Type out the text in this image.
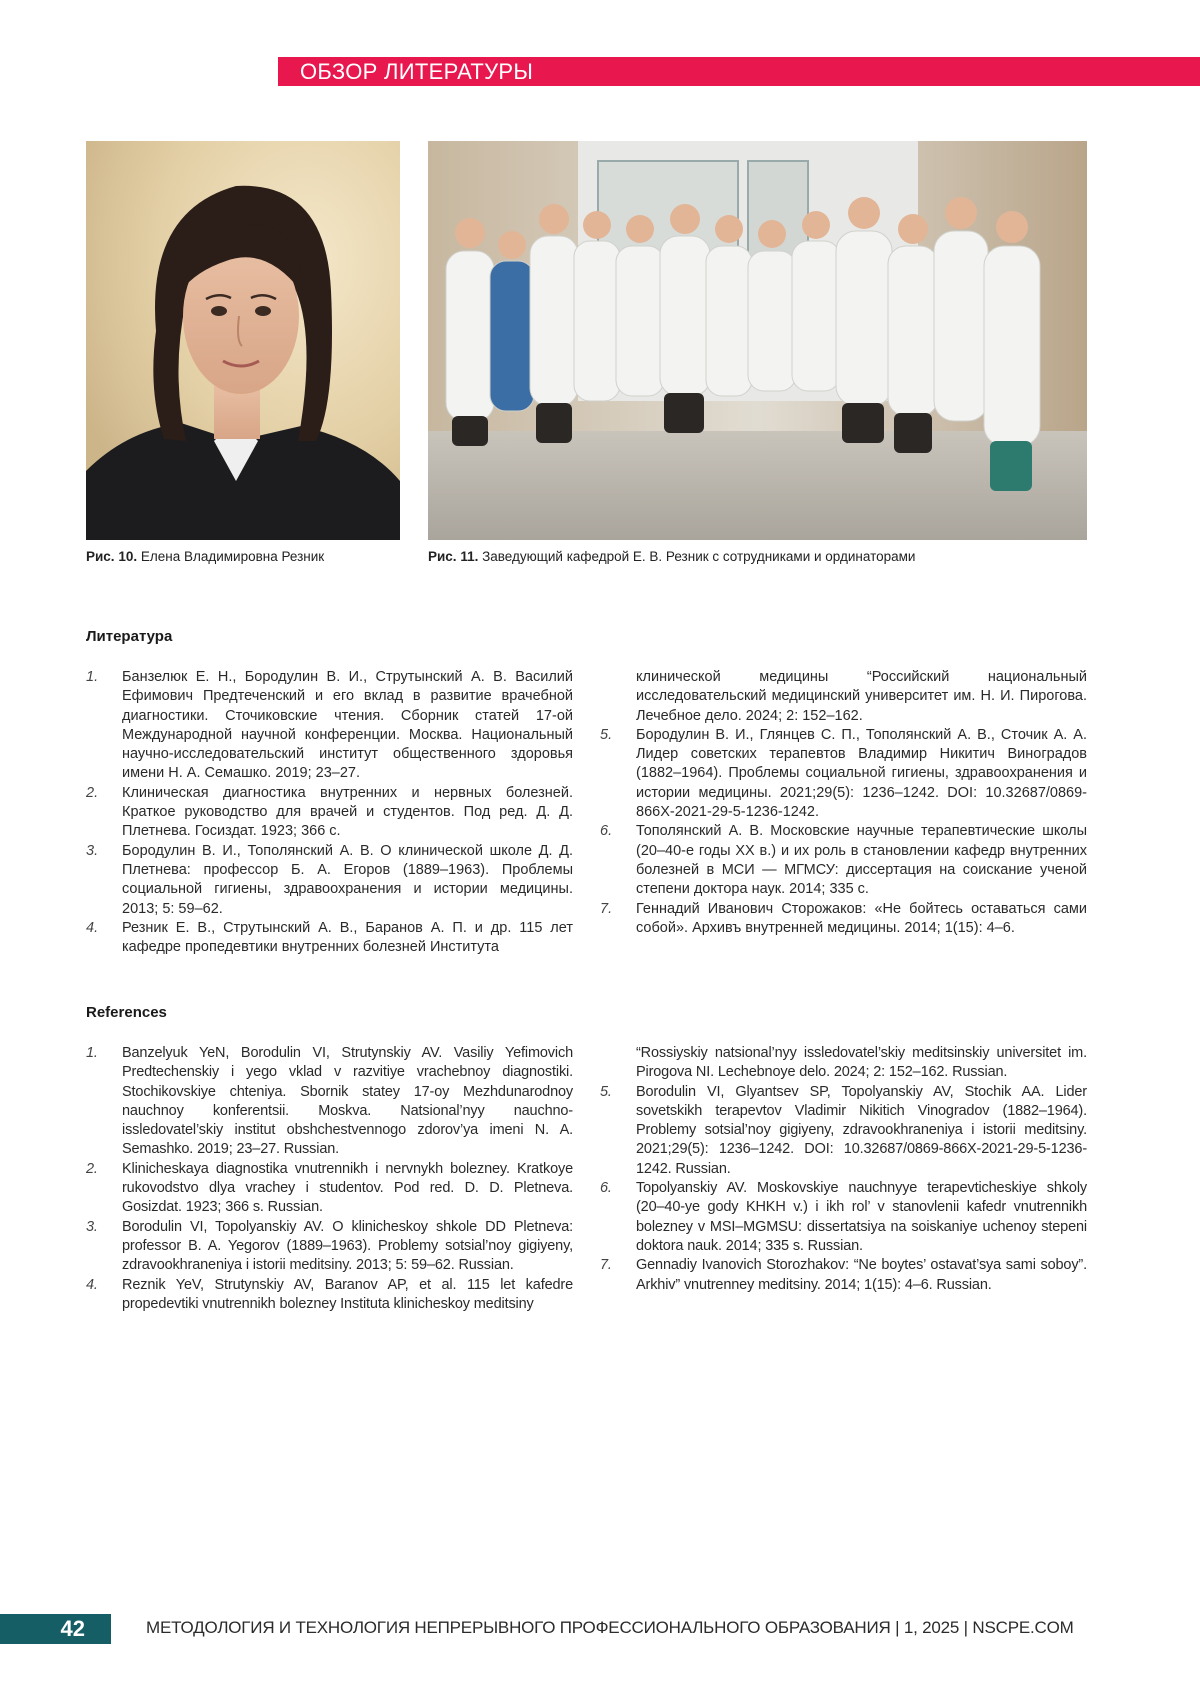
ОБЗОР ЛИТЕРАТУРЫ
Рис. 10. Елена Владимировна Резник	Рис. 11. Заведующий кафедрой Е. В. Резник с сотрудниками и ординаторами
Литература
1. Банзелюк Е. Н., Бородулин В. И., Струтынский А. В. Василий Ефимович Предтеченский и его вклад в развитие врачебной диагностики. Сточиковские чтения. Сборник статей 17-ой Международной научной конференции. Москва. Национальный научно-исследовательский институт общественного здоровья имени Н. А. Семашко. 2019; 23–27.
2. Клиническая диагностика внутренних и нервных болезней. Краткое руководство для врачей и студентов. Под ред. Д. Д. Плетнева. Госиздат. 1923; 366 с.
3. Бородулин В. И., Тополянский А. В. О клинической школе Д. Д. Плетнева: профессор Б. А. Егоров (1889–1963). Проблемы социальной гигиены, здравоохранения и истории медицины. 2013; 5: 59–62.
4. Резник Е. В., Струтынский А. В., Баранов А. П. и др. 115 лет кафедре пропедевтики внутренних болезней Института
клинической медицины “Российский национальный исследовательский медицинский университет им. Н. И. Пирогова. Лечебное дело. 2024; 2: 152–162.
5. Бородулин В. И., Глянцев С. П., Тополянский А. В., Сточик А. А. Лидер советских терапевтов Владимир Никитич Виноградов (1882–1964). Проблемы социальной гигиены, здравоохранения и истории медицины. 2021;29(5): 1236–1242. DOI: 10.32687/0869-866X-2021-29-5-1236-1242.
6. Тополянский А. В. Московские научные терапевтические школы (20–40-е годы XX в.) и их роль в становлении кафедр внутренних болезней в МСИ — МГМСУ: диссертация на соискание ученой степени доктора наук. 2014; 335 с.
7. Геннадий Иванович Сторожаков: «Не бойтесь оставаться сами собой». Архивъ внутренней медицины. 2014; 1(15): 4–6.
References
1. Banzelyuk YeN, Borodulin VI, Strutynskiy AV. Vasiliy Yefimovich Predtechenskiy i yego vklad v razvitiye vrachebnoy diagnostiki. Stochikovskiye chteniya. Sbornik statey 17-oy Mezhdunarodnoy nauchnoy konferentsii. Moskva. Natsional’nyy nauchno-issledovatel’skiy institut obshchestvennogo zdorov’ya imeni N. A. Semashko. 2019; 23–27. Russian.
2. Klinicheskaya diagnostika vnutrennikh i nervnykh bolezney. Kratkoye rukovodstvo dlya vrachey i studentov. Pod red. D. D. Pletneva. Gosizdat. 1923; 366 s. Russian.
3. Borodulin VI, Topolyanskiy AV. O klinicheskoy shkole DD Pletneva: professor B. A. Yegorov (1889–1963). Problemy sotsial’noy gigiyeny, zdravookhraneniya i istorii meditsiny. 2013; 5: 59–62. Russian.
4. Reznik YeV, Strutynskiy AV, Baranov AP, et al. 115 let kafedre propedevtiki vnutrennikh bolezney Instituta klinicheskoy meditsiny
“Rossiyskiy natsional’nyy issledovatel’skiy meditsinskiy universitet im. Pirogova NI. Lechebnoye delo. 2024; 2: 152–162. Russian.
5. Borodulin VI, Glyantsev SP, Topolyanskiy AV, Stochik AA. Lider sovetskikh terapevtov Vladimir Nikitich Vinogradov (1882–1964). Problemy sotsial’noy gigiyeny, zdravookhraneniya i istorii meditsiny. 2021;29(5): 1236–1242. DOI: 10.32687/0869-866X-2021-29-5-1236-1242. Russian.
6. Topolyanskiy AV. Moskovskiye nauchnyye terapevticheskiye shkoly (20–40-ye gody KHKH v.) i ikh rol’ v stanovlenii kafedr vnutrennikh bolezney v MSI–MGMSU: dissertatsiya na soiskaniye uchenoy stepeni doktora nauk. 2014; 335 s. Russian.
7. Gennadiy Ivanovich Storozhakov: “Ne boytes’ ostavat’sya sami soboy”. Arkhiv” vnutrenney meditsiny. 2014; 1(15): 4–6. Russian.
42	МЕТОДОЛОГИЯ И ТЕХНОЛОГИЯ НЕПРЕРЫВНОГО ПРОФЕССИОНАЛЬНОГО ОБРАЗОВАНИЯ | 1, 2025 | NSCPE.COM
